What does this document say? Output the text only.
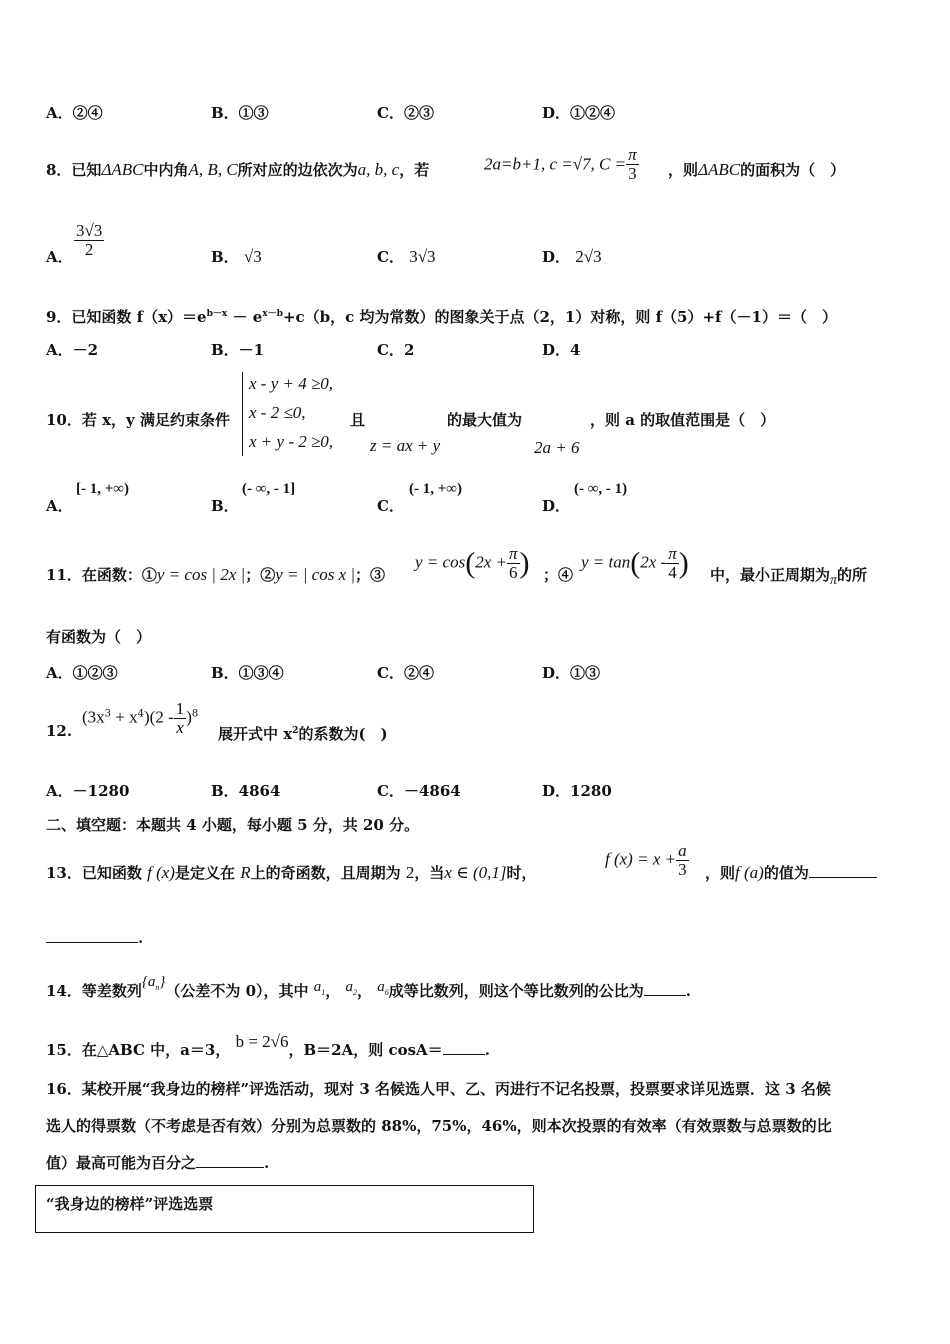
A．②④	B．①③	C．②③	D．①②④
8．已知ΔABC中内角A, B, C所对应的边依次为a, b, c，若	2a=b+1, c =√7, $C = \frac{\pi}{3}$ ，则ΔABC的面积为（　）
A． $\frac{3√3}{2}$	B． √3	C． 3√3	D． 2√3
9．已知函数 $f(x)=e^{b-x} - e^{x-b}+c(b$，c 均为常数）的图象关于点（2，1）对称，则 f（5）+f（－1）＝（　）
A．－2	B．－1	C．2	D．4
10．若 x，y 满足约束条件
x - y + 4 ≥0,
x - 2 ≤0,
x + y - 2 ≥0,
且
z = ax + y
的最大值为
2a + 6
，则 a 的取值范围是（　）
A．
[- 1, +∞)
B．
(- ∞, - 1]
C．
(- 1, +∞)
D．
(- ∞, - 1)
11．在函数：①y = cos | 2x |；②y = | cos x |；③
$y = \cos(2x + \frac{\pi}{6}$ ) ；④
$y = \tan(2x - \frac{\pi}{4}$ ) 中，最小正周期为π的所
有函数为（　）
A．①②③	B．①③④	C．②④	D．①③
12.
$(3x^3 + x^4)(2 - \frac{1}{x} )^8$
展开式中 $x^2$的系数为(　)
A．－1280	B．4864	C．－4864	D．1280
二、填空题：本题共 4 小题，每小题 5 分，共 20 分。
13．已知函数 f (x)是定义在 R上的奇函数，且周期为 2，当x ∈ (0,1]时，
f $(x) = x + \frac{a}{3}$ ，则f (a)的值为
.
14．等差数列$\{a_n\}$（公差不为 0），其中 $a_1$， $a_2$， $a_6$成等比数列，则这个等比数列的公比为	.
15．在△ABC 中，a＝3， b = 2√6，B＝2A，则 cosA＝	.
16．某校开展“我身边的榜样”评选活动，现对 3 名候选人甲、乙、丙进行不记名投票，投票要求详见选票．这 3 名候
选人的得票数（不考虑是否有效）分别为总票数的 88%，75%，46%，则本次投票的有效率（有效票数与总票数的比
值）最高可能为百分之	.
“我身边的榜样”评选选票
